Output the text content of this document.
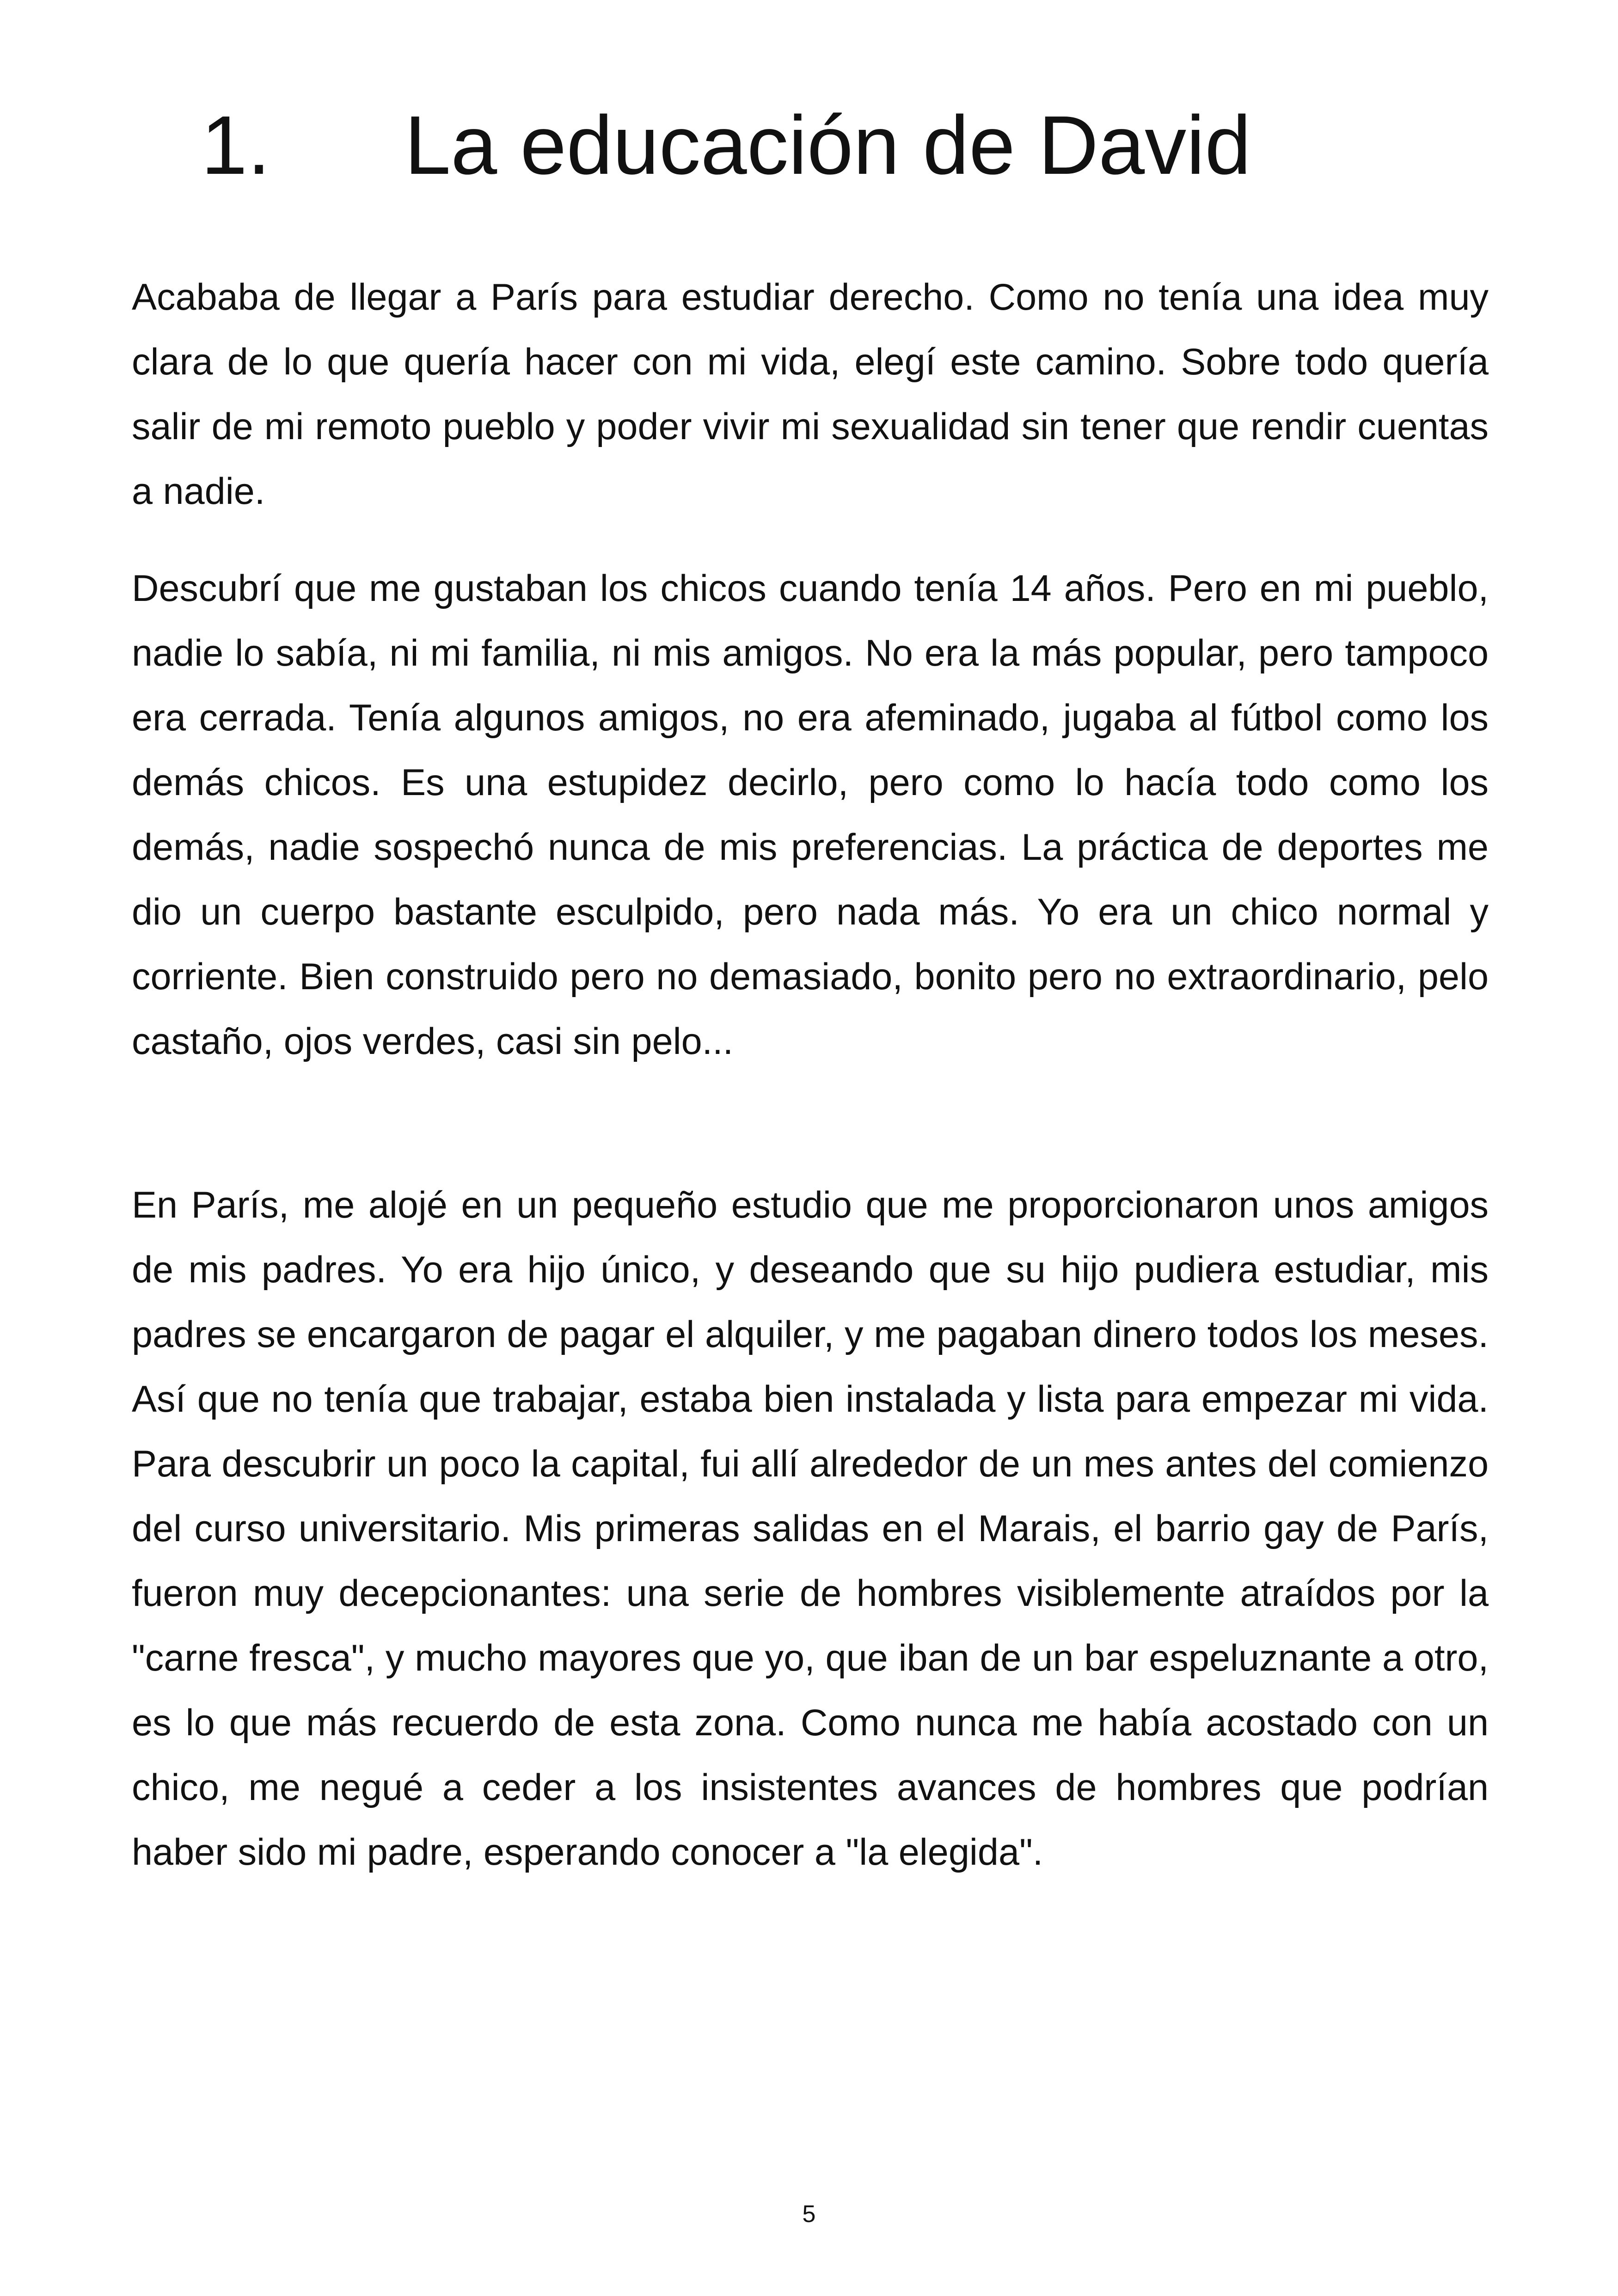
1. La educación de David

Acababa de llegar a París para estudiar derecho. Como no tenía una idea muy clara de lo que quería hacer con mi vida, elegí este camino. Sobre todo quería salir de mi remoto pueblo y poder vivir mi sexualidad sin tener que rendir cuentas a nadie.

Descubrí que me gustaban los chicos cuando tenía 14 años. Pero en mi pueblo, nadie lo sabía, ni mi familia, ni mis amigos. No era la más popular, pero tampoco era cerrada. Tenía algunos amigos, no era afeminado, jugaba al fútbol como los demás chicos. Es una estupidez decirlo, pero como lo hacía todo como los demás, nadie sospechó nunca de mis preferencias. La práctica de deportes me dio un cuerpo bastante esculpido, pero nada más. Yo era un chico normal y corriente. Bien construido pero no demasiado, bonito pero no extraordinario, pelo castaño, ojos verdes, casi sin pelo...

En París, me alojé en un pequeño estudio que me proporcionaron unos amigos de mis padres. Yo era hijo único, y deseando que su hijo pudiera estudiar, mis padres se encargaron de pagar el alquiler, y me pagaban dinero todos los meses. Así que no tenía que trabajar, estaba bien instalada y lista para empezar mi vida. Para descubrir un poco la capital, fui allí alrededor de un mes antes del comienzo del curso universitario. Mis primeras salidas en el Marais, el barrio gay de París, fueron muy decepcionantes: una serie de hombres visiblemente atraídos por la "carne fresca", y mucho mayores que yo, que iban de un bar espeluznante a otro, es lo que más recuerdo de esta zona. Como nunca me había acostado con un chico, me negué a ceder a los insistentes avances de hombres que podrían haber sido mi padre, esperando conocer a "la elegida".

5
